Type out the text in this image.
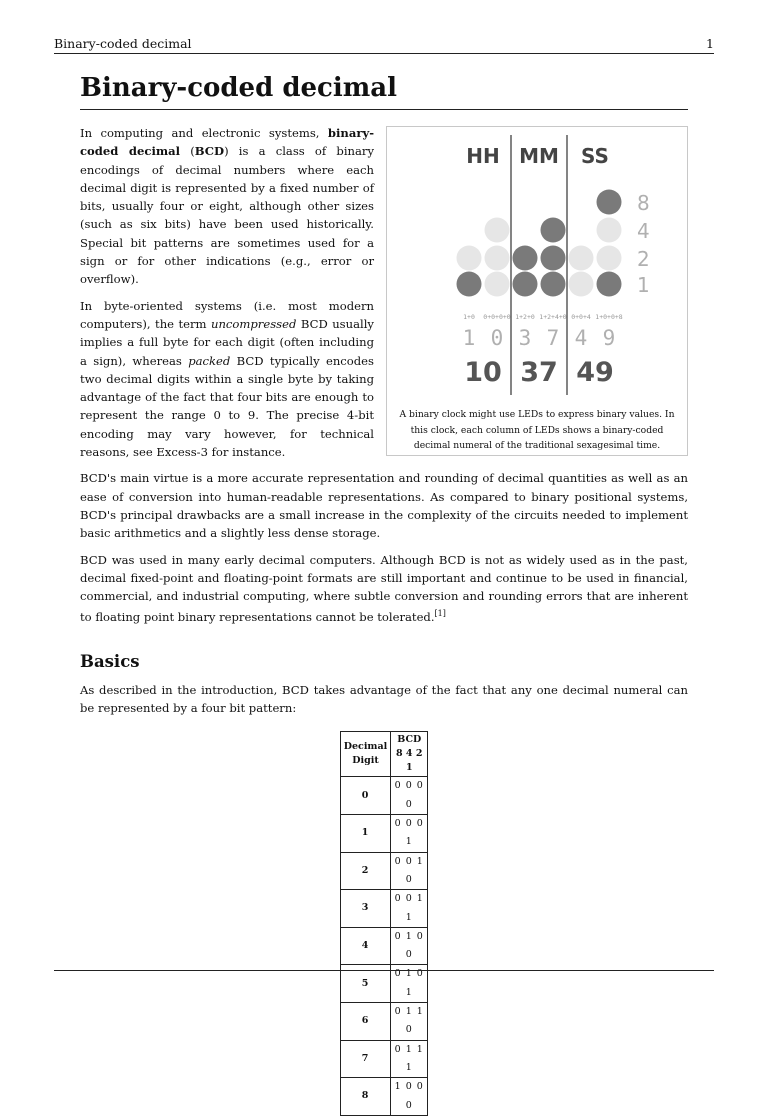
Binary-coded decimal	1
Binary-coded decimal
HH MM SS
8
4
2
1
1+0 0+0+0+0 1+2+0 1+2+4+0 0+0+4 1+0+0+8
1 0 3 7 4 9
10 37 49
A binary clock might use LEDs to express binary values. In this clock, each column of LEDs shows a binary-coded decimal numeral of the traditional sexagesimal time.

In computing and electronic systems, binary-coded decimal (BCD) is a class of binary encodings of decimal numbers where each decimal digit is represented by a fixed number of bits, usually four or eight, although other sizes (such as six bits) have been used historically. Special bit patterns are sometimes used for a sign or for other indications (e.g., error or overflow).

In byte-oriented systems (i.e. most modern computers), the term uncompressed BCD usually implies a full byte for each digit (often including a sign), whereas packed BCD typically encodes two decimal digits within a single byte by taking advantage of the fact that four bits are enough to represent the range 0 to 9. The precise 4-bit encoding may vary however, for technical reasons, see Excess-3 for instance.

BCD's main virtue is a more accurate representation and rounding of decimal quantities as well as an ease of conversion into human-readable representations. As compared to binary positional systems, BCD's principal drawbacks are a small increase in the complexity of the circuits needed to implement basic arithmetics and a slightly less dense storage.

BCD was used in many early decimal computers. Although BCD is not as widely used as in the past, decimal fixed-point and floating-point formats are still important and continue to be used in financial, commercial, and industrial computing, where subtle conversion and rounding errors that are inherent to floating point binary representations cannot be tolerated.[1]

Basics

As described in the introduction, BCD takes advantage of the fact that any one decimal numeral can be represented by a four bit pattern:

Decimal
Digit	BCD
8 4 2 1
0	0 0 0 0
1	0 0 0 1
2	0 0 1 0
3	0 0 1 1
4	0 1 0 0
5	0 1 0 1
6	0 1 1 0
7	0 1 1 1
8	1 0 0 0
